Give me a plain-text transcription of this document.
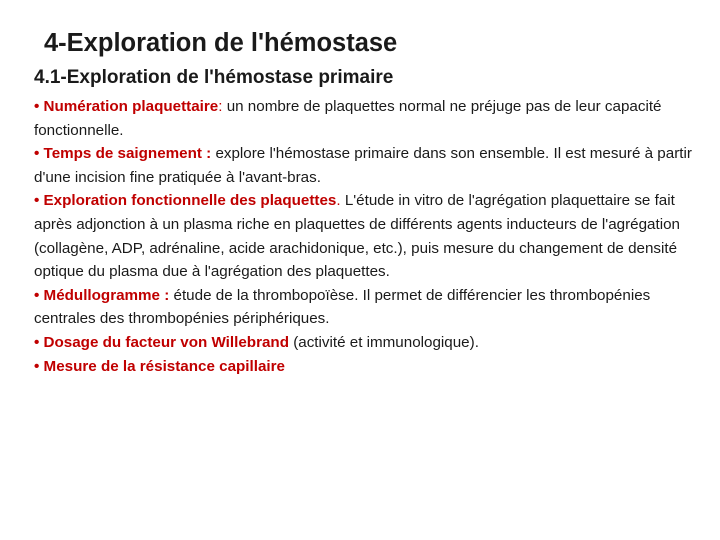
4-Exploration de l'hémostase
4.1-Exploration de l'hémostase primaire

• Numération plaquettaire: un nombre de plaquettes normal ne préjuge pas de leur capacité fonctionnelle.

• Temps de saignement : explore l'hémostase primaire dans son ensemble. Il est mesuré à partir d'une incision fine pratiquée à l'avant-bras.

• Exploration fonctionnelle des plaquettes. L'étude in vitro de l'agrégation plaquettaire se fait après adjonction à un plasma riche en plaquettes de différents agents inducteurs de l'agrégation (collagène, ADP, adrénaline, acide arachidonique, etc.), puis mesure du changement de densité optique du plasma due à l'agrégation des plaquettes.

• Médullogramme : étude de la thrombopoïèse. Il permet de différencier les thrombopénies centrales des thrombopénies périphériques.

• Dosage du facteur von Willebrand (activité et immunologique).

• Mesure de la résistance capillaire
